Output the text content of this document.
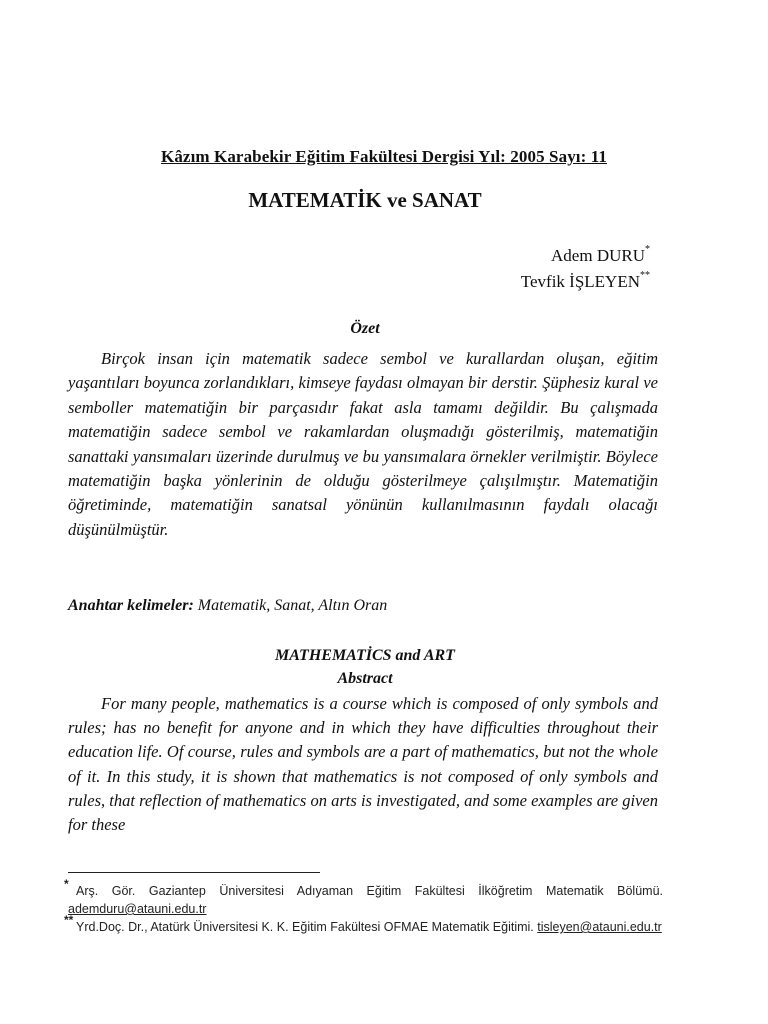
Kâzım Karabekir Eğitim Fakültesi Dergisi Yıl: 2005 Sayı: 11
MATEMATİK ve SANAT
Adem DURU*
Tevfik İŞLEYEN**
Özet

Birçok insan için matematik sadece sembol ve kurallardan oluşan, eğitim yaşantıları boyunca zorlandıkları, kimseye faydası olmayan bir derstir. Şüphesiz kural ve semboller matematiğin bir parçasıdır fakat asla tamamı değildir. Bu çalışmada matematiğin sadece sembol ve rakamlardan oluşmadığı gösterilmiş, matematiğin sanattaki yansımaları üzerinde durulmuş ve bu yansımalara örnekler verilmiştir. Böylece matematiğin başka yönlerinin de olduğu gösterilmeye çalışılmıştır. Matematiğin öğretiminde, matematiğin sanatsal yönünün kullanılmasının faydalı olacağı düşünülmüştür.

Anahtar kelimeler: Matematik, Sanat, Altın Oran
MATHEMATİCS and ART
Abstract

For many people, mathematics is a course which is composed of only symbols and rules; has no benefit for anyone and in which they have difficulties throughout their education life. Of course, rules and symbols are a part of mathematics, but not the whole of it. In this study, it is shown that mathematics is not composed of only symbols and rules, that reflection of mathematics on arts is investigated, and some examples are given for these

* Arş. Gör. Gaziantep Üniversitesi Adıyaman Eğitim Fakültesi İlköğretim Matematik Bölümü. ademduru@atauni.edu.tr
** Yrd.Doç. Dr., Atatürk Üniversitesi K. K. Eğitim Fakültesi OFMAE Matematik Eğitimi. tisleyen@atauni.edu.tr
